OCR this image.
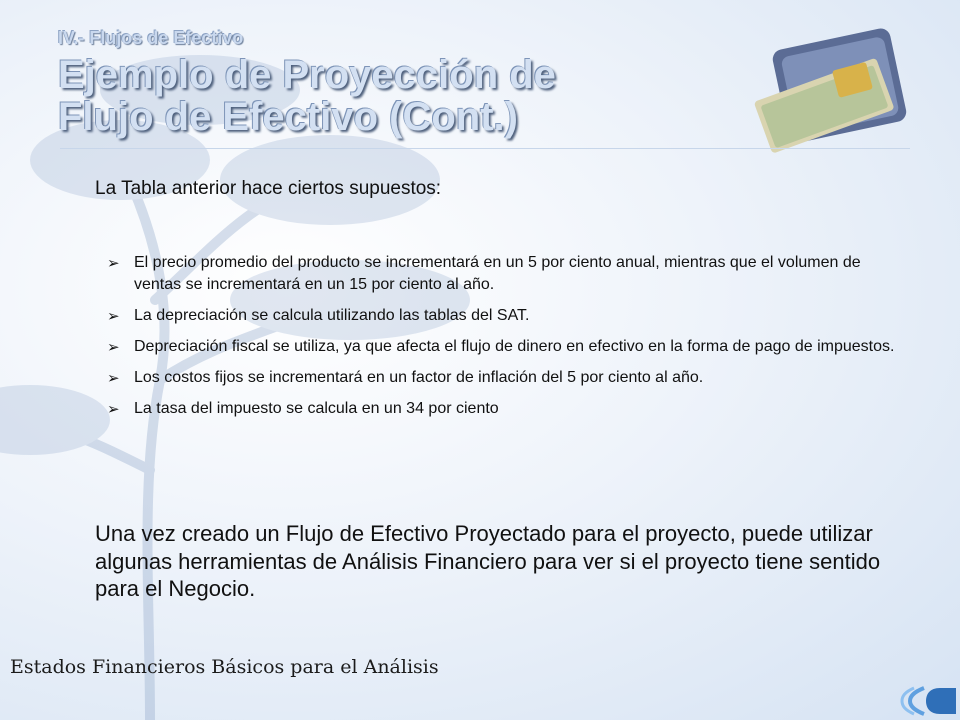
IV.- Flujos de Efectivo
Ejemplo de Proyección de
Flujo de Efectivo (Cont.)
La Tabla anterior hace ciertos supuestos:
➢ El precio promedio del producto se incrementará en un 5 por ciento anual, mientras que el volumen de ventas se incrementará en un 15 por ciento al año.
➢ La depreciación se calcula utilizando las tablas del SAT.
➢ Depreciación fiscal se utiliza, ya que afecta el flujo de dinero en efectivo en la forma de pago de impuestos.
➢ Los costos fijos se incrementará en un factor de inflación del 5 por ciento al año.
➢ La tasa del impuesto se calcula en un 34 por ciento
Una vez creado un Flujo de Efectivo Proyectado para el proyecto, puede utilizar algunas herramientas de Análisis Financiero para ver si el proyecto tiene sentido para el Negocio.
Estados Financieros Básicos para el Análisis
